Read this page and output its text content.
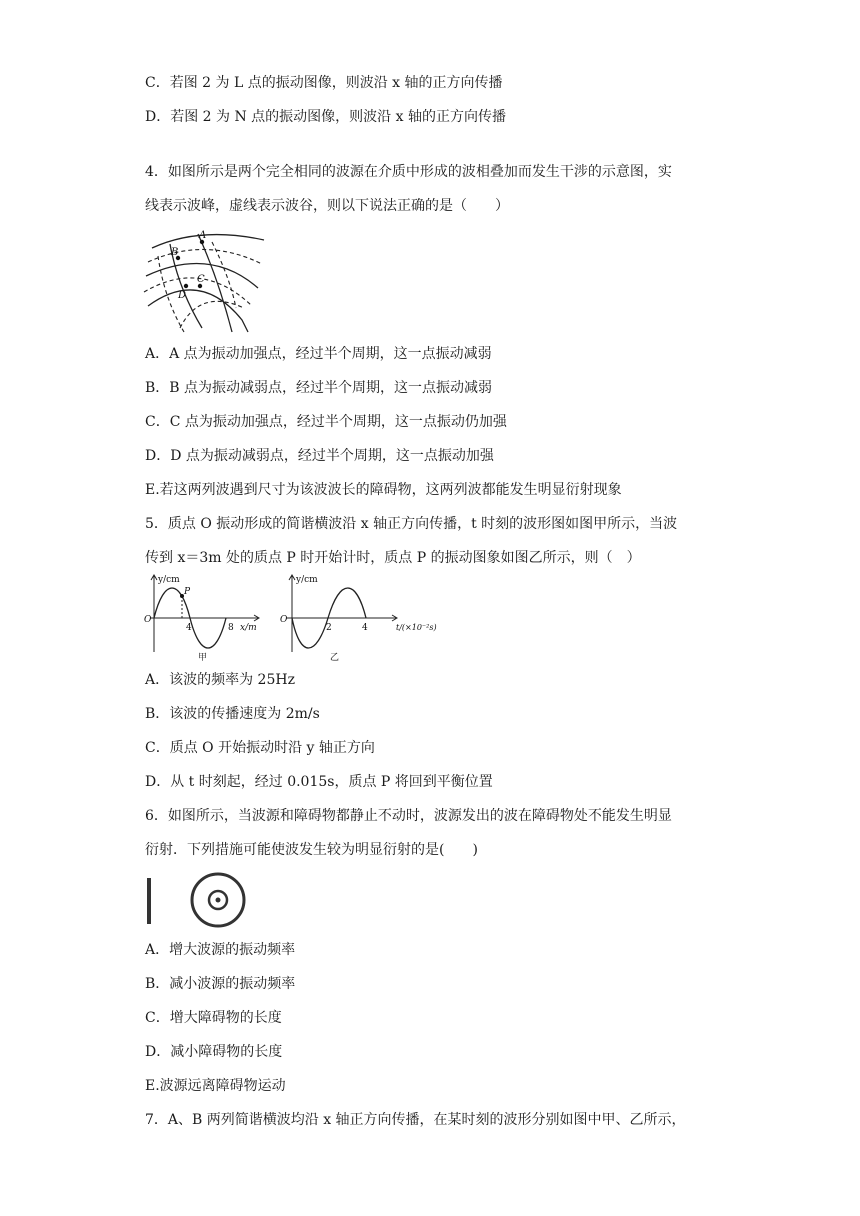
C．若图 2 为 L 点的振动图像，则波沿 x 轴的正方向传播
D．若图 2 为 N 点的振动图像，则波沿 x 轴的正方向传播
4．如图所示是两个完全相同的波源在介质中形成的波相叠加而发生干涉的示意图，实
线表示波峰，虚线表示波谷，则以下说法正确的是（　　）
A
B
C
D
A．A 点为振动加强点，经过半个周期，这一点振动减弱
B．B 点为振动减弱点，经过半个周期，这一点振动减弱
C．C 点为振动加强点，经过半个周期，这一点振动仍加强
D．D 点为振动减弱点，经过半个周期，这一点振动加强
E.若这两列波遇到尺寸为该波波长的障碍物，这两列波都能发生明显衍射现象
5．质点 O 振动形成的简谐横波沿 x 轴正方向传播，t 时刻的波形图如图甲所示，当波
传到 x＝3m 处的质点 P 时开始计时，质点 P 的振动图象如图乙所示，则（　）
y/cm
O
P
4	8 x/m
甲
y/cm
O
2	4	t/(×10⁻²s)
乙
A．该波的频率为 25Hz
B．该波的传播速度为 2m/s
C．质点 O 开始振动时沿 y 轴正方向
D．从 t 时刻起，经过 0.015s，质点 P 将回到平衡位置
6．如图所示，当波源和障碍物都静止不动时，波源发出的波在障碍物处不能发生明显
衍射．下列措施可能使波发生较为明显衍射的是(　　)
A．增大波源的振动频率
B．减小波源的振动频率
C．增大障碍物的长度
D．减小障碍物的长度
E.波源远离障碍物运动
7．A、B 两列简谐横波均沿 x 轴正方向传播，在某时刻的波形分别如图中甲、乙所示，
